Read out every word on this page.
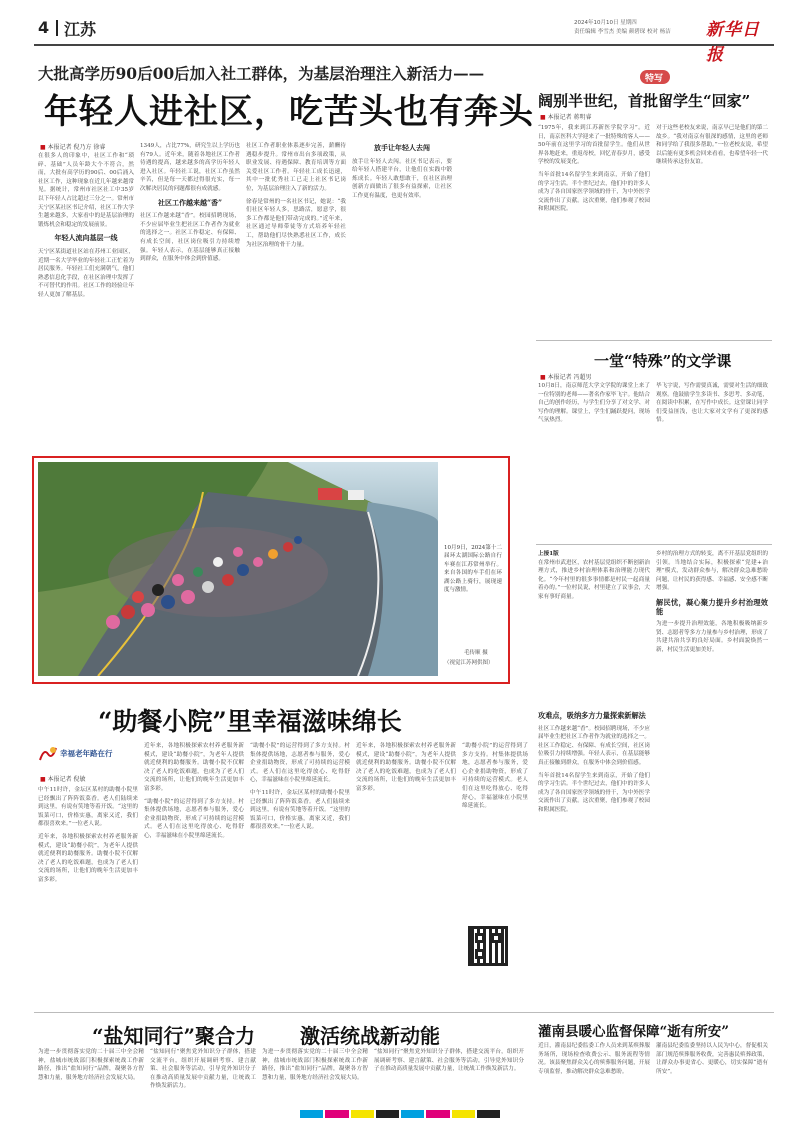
4 江苏	2024年10月10日 星期四
责任编辑 李雪杰 美编 颜碧琛 校对 杨洁 新华日报
大批高学历90后00后加入社工群体，为基层治理注入新活力——
年轻人进社区，吃苦头也有奔头
■ 本报记者 倪乃方 徐睿

在很多人的印象中，社区工作和“琐碎、基础”人员年龄大个不符合，然而，大批有高学历的90后、00后涌入社区工作，这种现象在近几年越来越常见。据统计，常州市社区社工中35岁以下年轻人占比超过三分之一。常州市天宁区某社区书记介绍，社区工作大学生越来越多，大家看中的是基层治理的锻炼机会和稳定的发展前景。

年轻人流向基层一线

天宁区某街道社区站在苏州工业园区，近期一名大学毕业的年轻社工正忙着为居民服务。年轻社工们充满朝气，他们熟悉信息化手段，在社区治理中发挥了不可替代的作用。社区工作的经验让年轻人更加了解基层。

1349人，占比77%，研究生以上学历也有79人。近年来，随着各地社区工作者待遇的提高，越来越多的高学历年轻人进入社区。年轻社工说，社区工作虽然辛苦，但是每一天都过得很充实，每一次解决居民的问题都很有成就感。

社区工作越来越“香”

社区工作越来越“香”。校园招聘现场，不少应届毕业生把社区工作者作为就业的选择之一。社区工作稳定、有保障、有成长空间，社区岗位吸引力持续增强。年轻人表示，在基层能够真正接触到群众，在服务中体会到价值感。

社区工作者职业体系逐步完善，薪酬待遇稳步提升。常州市出台多项政策，从职业发展、待遇保障、教育培训等方面关爱社区工作者。年轻社工成长迅速，其中一批优秀社工已走上社区书记岗位，为基层治理注入了新的活力。

徐春是常州的一名社区书记，她说：“我们社区年轻人多，思路活，愿意学，很多工作都是他们带动完成的。”近年来，社区通过导师带徒等方式培养年轻社工，帮助他们尽快熟悉社区工作，成长为社区治理的骨干力量。

放手让年轻人去闯

放手让年轻人去闯。社区书记表示，要给年轻人搭建平台，让他们在实践中锻炼成长。年轻人敢想敢干，在社区治理创新方面做出了很多有益探索，让社区工作更有温度，也更有效率。

10月9日，2024第十二届环太湖国际公路自行车赛在江苏常州举行。来自各国的车手们在环湖公路上骑行，展现速度与激情。
毛传顺 摄
（视觉江苏网供图）
特写
阔别半世纪，首批留学生“回家”
■ 本报记者 蒋明睿

“1975年，我来到江苏新医学院学习”。近日，南京医科大学迎来了一批特殊的客人——50年前在这里学习的首批留学生。他们从世界各地赶来，重返母校，回忆青春岁月，感受学校的发展变化。

当年首批14名留学生来到南京，开始了他们的学习生活。半个世纪过去，他们中的许多人成为了各自国家医学领域的骨干，为中外医学交流作出了贡献。这次重聚，他们参观了校园和附属医院。

对于这些老校友来说，南京早已是他们的第二故乡。“我对南京有很深的感情，这里的老师和同学给了我很多帮助。”一位老校友说，希望以后能有更多机会回来看看，也希望年轻一代继续传承这份友谊。

一堂“特殊”的文学课
■ 本报记者 冯超男

10月8日，南京师范大学文学院的课堂上来了一位特别的老师——著名作家毕飞宇。他结合自己的创作经历，与学生们分享了对文学、对写作的理解。课堂上，学生们踊跃提问，现场气氛热烈。

毕飞宇说，写作需要真诚，需要对生活的细致观察。他鼓励学生多读书、多思考、多动笔，在阅读中积累，在写作中成长。这堂课让同学们受益匪浅，也让大家对文学有了更深的感悟。

上接1版

在常州市武进区，农村基层党组织不断创新治理方式，推进乡村治理体系和治理能力现代化。“今年村里的很多事情都是村民一起商量着办的。”一位村民说，村里建立了议事会，大家有事好商量。

乡村的治理方式的转变，离不开基层党组织的引领。当地结合实际，积极探索“党建+治理”模式，发动群众参与，解决群众急难愁盼问题，让村民的获得感、幸福感、安全感不断增强。

解民忧，凝心聚力提升乡村治理效能

为进一步提升治理效能，各地积极吸纳新乡贤、志愿者等多方力量参与乡村治理，形成了共建共治共享的良好局面。乡村面貌焕然一新，村民生活更加美好。

攻难点，吸纳多方力量探索新解法

社区工作越来越“香”。校园招聘现场，不少应届毕业生把社区工作者作为就业的选择之一。社区工作稳定、有保障、有成长空间，社区岗位吸引力持续增强。年轻人表示，在基层能够真正接触到群众，在服务中体会到价值感。

当年首批14名留学生来到南京，开始了他们的学习生活。半个世纪过去，他们中的许多人成为了各自国家医学领域的骨干，为中外医学交流作出了贡献。这次重聚，他们参观了校园和附属医院。

“助餐小院”里幸福滋味绵长
幸福老年路在行
■ 本报记者 倪敏

中午11时许，金坛区某村的助餐小院里已经飘出了阵阵饭菜香。老人们陆续来到这里，有说有笑地等着开饭。“这里的饭菜可口，价格实惠，离家又近，我们都很喜欢来。”一位老人说。

近年来，各地积极探索农村养老服务新模式，建设“助餐小院”，为老年人提供就近便利的助餐服务。助餐小院不仅解决了老人的吃饭难题，也成为了老人们交流的场所，让他们的晚年生活更加丰富多彩。

近年来，各地积极探索农村养老服务新模式，建设“助餐小院”，为老年人提供就近便利的助餐服务。助餐小院不仅解决了老人的吃饭难题，也成为了老人们交流的场所，让他们的晚年生活更加丰富多彩。

“助餐小院”的运营得到了多方支持。村集体提供场地，志愿者参与服务，爱心企业捐助物资，形成了可持续的运营模式。老人们在这里吃得放心、吃得舒心，幸福滋味在小院里绵延流长。

“助餐小院”的运营得到了多方支持。村集体提供场地，志愿者参与服务，爱心企业捐助物资，形成了可持续的运营模式。老人们在这里吃得放心、吃得舒心，幸福滋味在小院里绵延流长。

中午11时许，金坛区某村的助餐小院里已经飘出了阵阵饭菜香。老人们陆续来到这里，有说有笑地等着开饭。“这里的饭菜可口，价格实惠，离家又近，我们都很喜欢来。”一位老人说。

近年来，各地积极探索农村养老服务新模式，建设“助餐小院”，为老年人提供就近便利的助餐服务。助餐小院不仅解决了老人的吃饭难题，也成为了老人们交流的场所，让他们的晚年生活更加丰富多彩。

“助餐小院”的运营得到了多方支持。村集体提供场地，志愿者参与服务，爱心企业捐助物资，形成了可持续的运营模式。老人们在这里吃得放心、吃得舒心，幸福滋味在小院里绵延流长。

“盐知同行”聚合力 激活统战新动能

为进一步贯彻落实党的二十届三中全会精神，盐城市统战部门积极探索统战工作新路径，推出“盐知同行”品牌，凝聚各方智慧和力量，服务地方经济社会发展大局。

“盐知同行”聚焦党外知识分子群体，搭建交流平台，组织开展调研考察、建言献策、社会服务等活动，引导党外知识分子在推动高质量发展中贡献力量，让统战工作焕发新活力。

为进一步贯彻落实党的二十届三中全会精神，盐城市统战部门积极探索统战工作新路径，推出“盐知同行”品牌，凝聚各方智慧和力量，服务地方经济社会发展大局。

“盐知同行”聚焦党外知识分子群体，搭建交流平台，组织开展调研考察、建言献策、社会服务等活动，引导党外知识分子在推动高质量发展中贡献力量，让统战工作焕发新活力。

灌南县暖心监督保障“逝有所安”

近日，灌南县纪委监委工作人员来到某殡葬服务场所，现场检查收费公示、服务流程等情况。该县聚焦群众关心的殡葬服务问题，开展专项监督，推动解决群众急难愁盼。

灌南县纪委监委坚持以人民为中心，督促相关部门规范殡葬服务收费，完善惠民殡葬政策，让群众办事更省心、更暖心，切实保障“逝有所安”。
